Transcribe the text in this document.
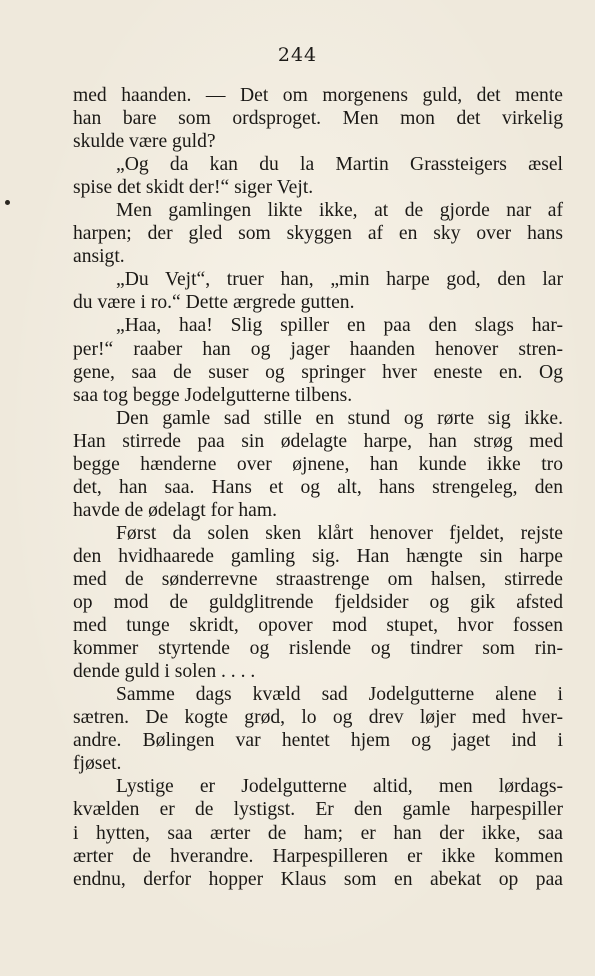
244
med haanden. — Det om morgenens guld, det mente
han bare som ordsproget. Men mon det virkelig
skulde være guld?
„Og da kan du la Martin Grassteigers æsel
spise det skidt der!“ siger Vejt.
Men gamlingen likte ikke, at de gjorde nar af
harpen; der gled som skyggen af en sky over hans
ansigt.
„Du Vejt“, truer han, „min harpe god, den lar
du være i ro.“ Dette ærgrede gutten.
„Haa, haa! Slig spiller en paa den slags har-
per!“ raaber han og jager haanden henover stren-
gene, saa de suser og springer hver eneste en. Og
saa tog begge Jodelgutterne tilbens.
Den gamle sad stille en stund og rørte sig ikke.
Han stirrede paa sin ødelagte harpe, han strøg med
begge hænderne over øjnene, han kunde ikke tro
det, han saa. Hans et og alt, hans strengeleg, den
havde de ødelagt for ham.
Først da solen sken klårt henover fjeldet, rejste
den hvidhaarede gamling sig. Han hængte sin harpe
med de sønderrevne straastrenge om halsen, stirrede
op mod de guldglitrende fjeldsider og gik afsted
med tunge skridt, opover mod stupet, hvor fossen
kommer styrtende og rislende og tindrer som rin-
dende guld i solen . . . .
Samme dags kvæld sad Jodelgutterne alene i
sætren. De kogte grød, lo og drev løjer med hver-
andre. Bølingen var hentet hjem og jaget ind i
fjøset.
Lystige er Jodelgutterne altid, men lørdags-
kvælden er de lystigst. Er den gamle harpespiller
i hytten, saa ærter de ham; er han der ikke, saa
ærter de hverandre. Harpespilleren er ikke kommen
endnu, derfor hopper Klaus som en abekat op paa
